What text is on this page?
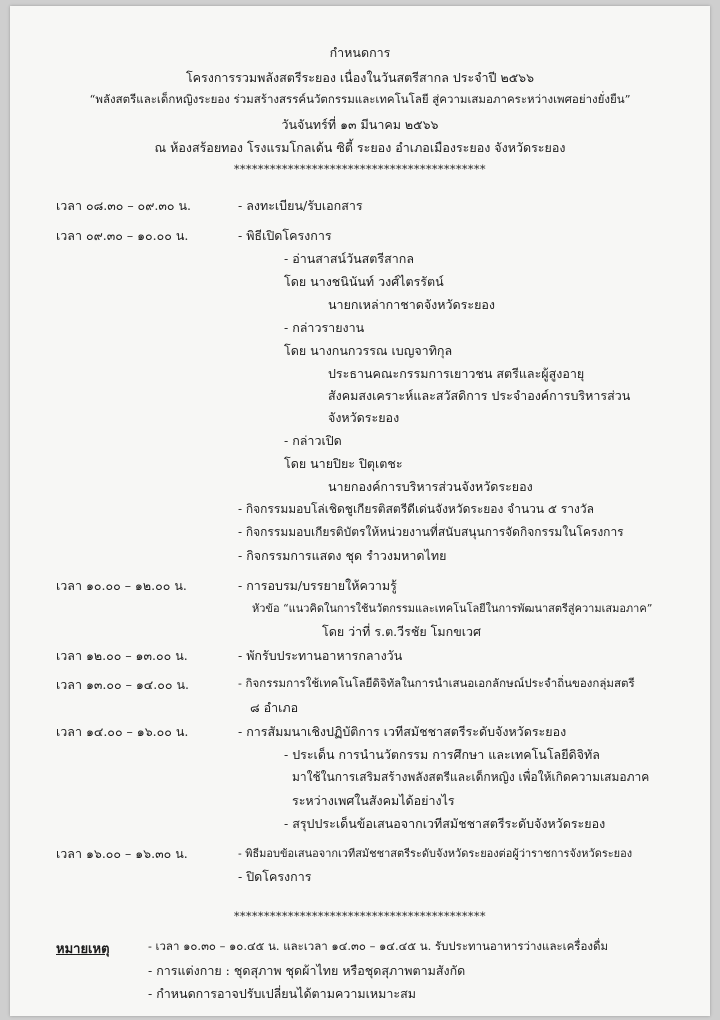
กำหนดการ
โครงการรวมพลังสตรีระยอง เนื่องในวันสตรีสากล ประจำปี ๒๕๖๖
“พลังสตรีและเด็กหญิงระยอง ร่วมสร้างสรรค์นวัตกรรมและเทคโนโลยี สู่ความเสมอภาคระหว่างเพศอย่างยั่งยืน”
วันจันทร์ที่ ๑๓ มีนาคม ๒๕๖๖
ณ ห้องสร้อยทอง โรงแรมโกลเด้น ซิตี้ ระยอง อำเภอเมืองระยอง จังหวัดระยอง
******************************************
เวลา ๐๘.๓๐ – ๐๙.๓๐ น.	- ลงทะเบียน/รับเอกสาร
เวลา ๐๙.๓๐ – ๑๐.๐๐ น.	- พิธีเปิดโครงการ
- อ่านสาสน์วันสตรีสากล
โดย นางชนินันท์ วงศ์ไตรรัตน์
นายกเหล่ากาชาดจังหวัดระยอง
- กล่าวรายงาน
โดย นางกนกวรรณ เบญจาทิกุล
ประธานคณะกรรมการเยาวชน สตรีและผู้สูงอายุ
สังคมสงเคราะห์และสวัสดิการ ประจำองค์การบริหารส่วน
จังหวัดระยอง
- กล่าวเปิด
โดย นายปิยะ ปิตุเตชะ
นายกองค์การบริหารส่วนจังหวัดระยอง
- กิจกรรมมอบโล่เชิดชูเกียรติสตรีดีเด่นจังหวัดระยอง จำนวน ๕ รางวัล
- กิจกรรมมอบเกียรติบัตรให้หน่วยงานที่สนับสนุนการจัดกิจกรรมในโครงการ
- กิจกรรมการแสดง ชุด รำวงมหาดไทย
เวลา ๑๐.๐๐ – ๑๒.๐๐ น.	- การอบรม/บรรยายให้ความรู้
หัวข้อ “แนวคิดในการใช้นวัตกรรมและเทคโนโลยีในการพัฒนาสตรีสู่ความเสมอภาค”
โดย ว่าที่ ร.ต.วีรชัย โมกขเวศ
เวลา ๑๒.๐๐ – ๑๓.๐๐ น.	- พักรับประทานอาหารกลางวัน
เวลา ๑๓.๐๐ – ๑๔.๐๐ น.	- กิจกรรมการใช้เทคโนโลยีดิจิทัลในการนำเสนอเอกลักษณ์ประจำถิ่นของกลุ่มสตรี
๘ อำเภอ
เวลา ๑๔.๐๐ – ๑๖.๐๐ น.	- การสัมมนาเชิงปฏิบัติการ เวทีสมัชชาสตรีระดับจังหวัดระยอง
- ประเด็น การนำนวัตกรรม การศึกษา และเทคโนโลยีดิจิทัล
มาใช้ในการเสริมสร้างพลังสตรีและเด็กหญิง เพื่อให้เกิดความเสมอภาค
ระหว่างเพศในสังคมได้อย่างไร
- สรุปประเด็นข้อเสนอจากเวทีสมัชชาสตรีระดับจังหวัดระยอง
เวลา ๑๖.๐๐ – ๑๖.๓๐ น.	- พิธีมอบข้อเสนอจากเวทีสมัชชาสตรีระดับจังหวัดระยองต่อผู้ว่าราชการจังหวัดระยอง
- ปิดโครงการ
******************************************
หมายเหตุ	- เวลา ๑๐.๓๐ – ๑๐.๔๕ น. และเวลา ๑๔.๓๐ – ๑๔.๔๕ น. รับประทานอาหารว่างและเครื่องดื่ม
- การแต่งกาย : ชุดสุภาพ ชุดผ้าไทย หรือชุดสุภาพตามสังกัด
- กำหนดการอาจปรับเปลี่ยนได้ตามความเหมาะสม
